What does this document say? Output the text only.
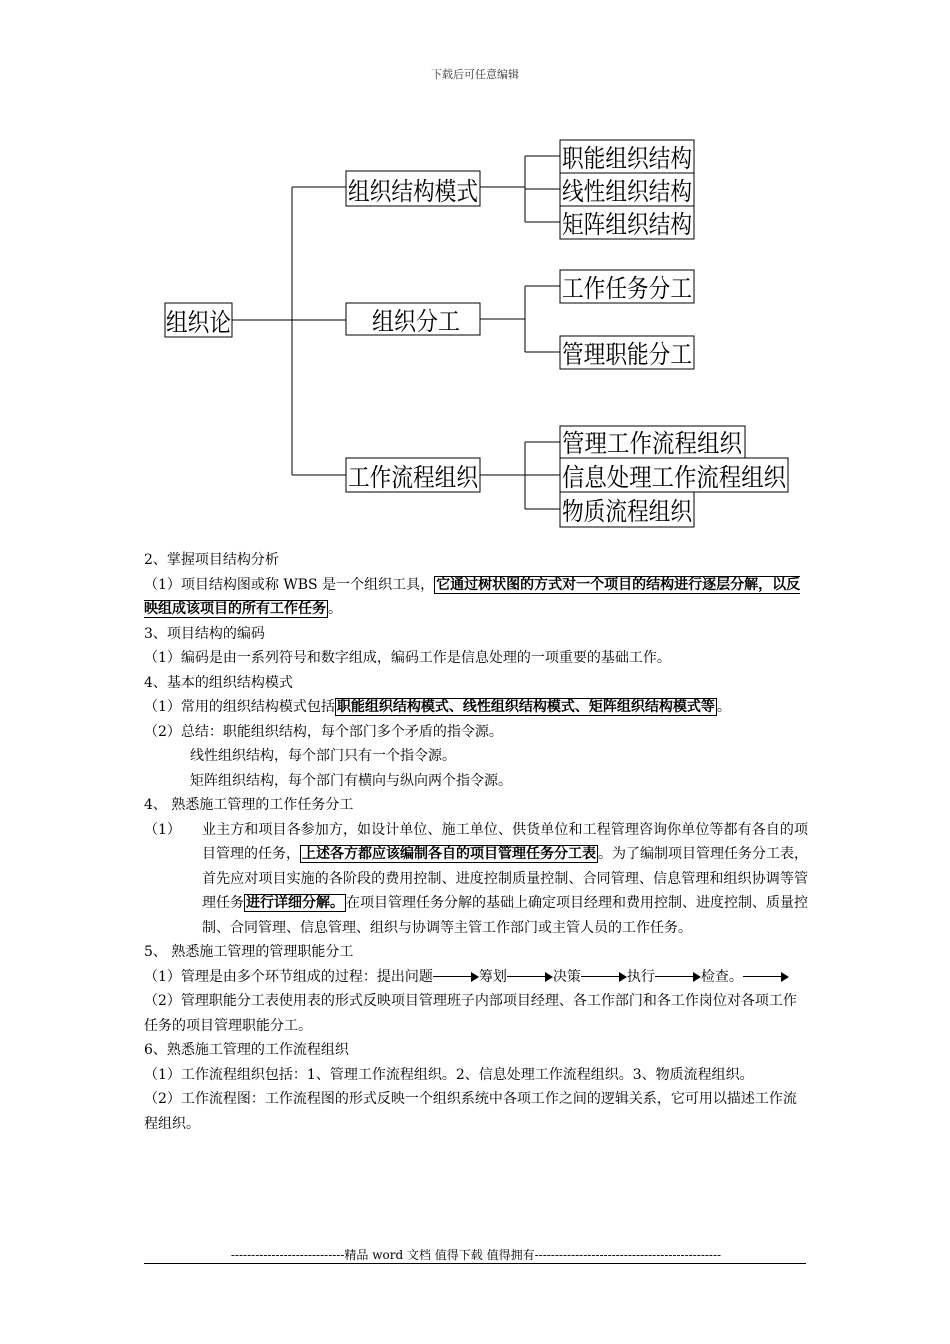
下载后可任意编辑
组织论
组织结构模式
组织分工
工作流程组织
职能组织结构
线性组织结构
矩阵组织结构
工作任务分工
管理职能分工
管理工作流程组织
信息处理工作流程组织
物质流程组织
2、掌握项目结构分析
（1）项目结构图或称 WBS 是一个组织工具， 它通过树状图的方式对一个项目的结构进行逐层分解，以反映组成该项目的所有工作任务 。
3、项目结构的编码
（1）编码是由一系列符号和数字组成，编码工作是信息处理的一项重要的基础工作。
4、基本的组织结构模式
（1）常用的组织结构模式包括 职能组织结构模式、线性组织结构模式、矩阵组织结构模式等 。
（2）总结：职能组织结构，每个部门多个矛盾的指令源。
线性组织结构，每个部门只有一个指令源。
矩阵组织结构，每个部门有横向与纵向两个指令源。
4、 熟悉施工管理的工作任务分工
（1）	业主方和项目各参加方，如设计单位、施工单位、供货单位和工程管理咨询你单位等都有各自的项目管理的任务， 上述各方都应该编制各自的项目管理任务分工表 。为了编制项目管理任务分工表，首先应对项目实施的各阶段的费用控制、进度控制质量控制、合同管理、信息管理和组织协调等管理任务 进行详细分解。 在项目管理任务分解的基础上确定项目经理和费用控制、进度控制、质量控制、合同管理、信息管理、组织与协调等主管工作部门或主管人员的工作任务。
5、 熟悉施工管理的管理职能分工
（1）管理是由多个环节组成的过程：提出问题	筹划	决策	执行	检查。
（2）管理职能分工表使用表的形式反映项目管理班子内部项目经理、各工作部门和各工作岗位对各项工作任务的项目管理职能分工。
6、熟悉施工管理的工作流程组织
（1）工作流程组织包括：1、管理工作流程组织。2、信息处理工作流程组织。3、物质流程组织。
（2）工作流程图：工作流程图的形式反映一个组织系统中各项工作之间的逻辑关系，它可用以描述工作流程组织。
----------------------------精品 word 文档 值得下载 值得拥有----------------------------------------------
